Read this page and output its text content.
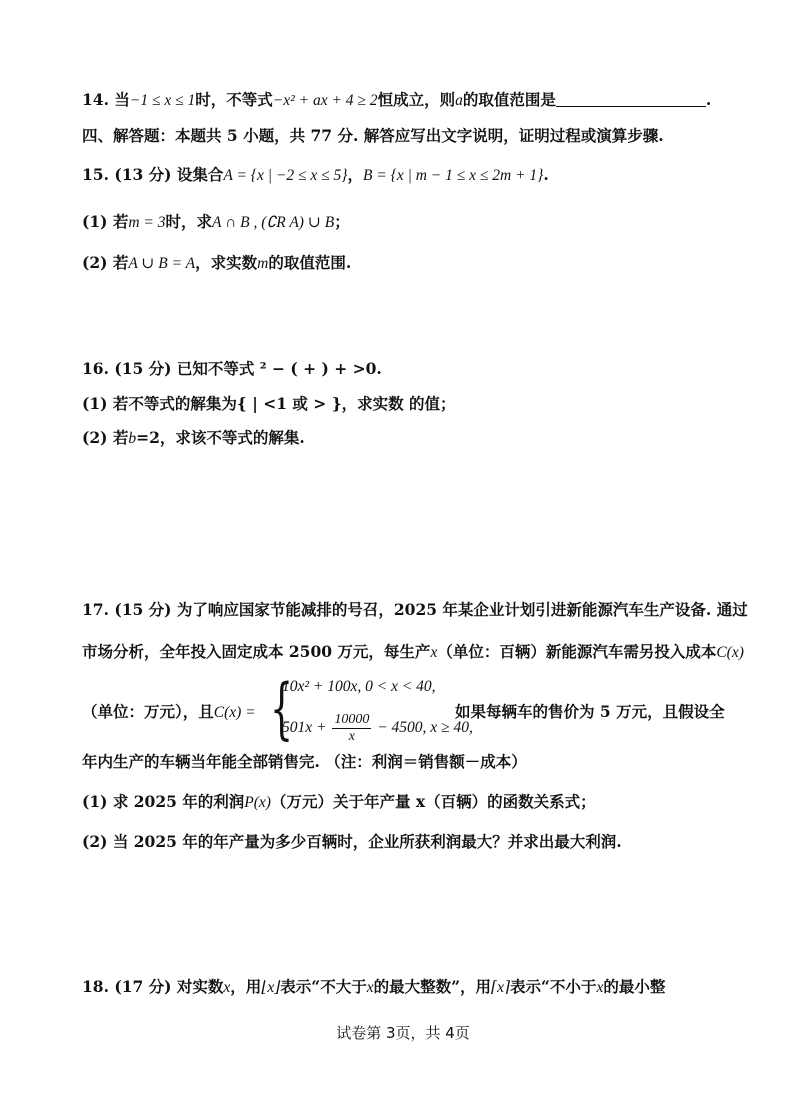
14. 当−1 ≤ x ≤ 1时，不等式−x² + ax + 4 ≥ 2恒成立，则a的取值范围是	.
四、解答题：本题共 5 小题，共 77 分. 解答应写出文字说明，证明过程或演算步骤.
15. (13 分) 设集合A = {x | −2 ≤ x ≤ 5}，B = {x | m − 1 ≤ x ≤ 2m + 1}.
(1) 若m = 3时，求A ∩ B , (∁R A) ∪ B；
(2) 若A ∪ B = A，求实数m的取值范围.
16. (15 分) 已知不等式 ² − ( + ) + >0.
(1) 若不等式的解集为{ | <1 或 > }，求实数 的值；
(2) 若b=2，求该不等式的解集.
17. (15 分) 为了响应国家节能减排的号召，2025 年某企业计划引进新能源汽车生产设备. 通过
市场分析，全年投入固定成本 2500 万元，每生产x（单位：百辆）新能源汽车需另投入成本C(x)
（单位：万元），且C(x) = {
10x² + 100x, 0 < x < 40,
$501x + \frac{10000}{x} - 4500$, x ≥ 40,
如果每辆车的售价为 5 万元，且假设全
年内生产的车辆当年能全部销售完. （注：利润＝销售额－成本）
(1) 求 2025 年的利润P(x)（万元）关于年产量 x（百辆）的函数关系式；
(2) 当 2025 年的年产量为多少百辆时，企业所获利润最大？并求出最大利润.
18. (17 分) 对实数x，用⌊x⌋表示“不大于x的最大整数”，用⌈x⌉表示“不小于x的最小整
试卷第 3页，共 4页
